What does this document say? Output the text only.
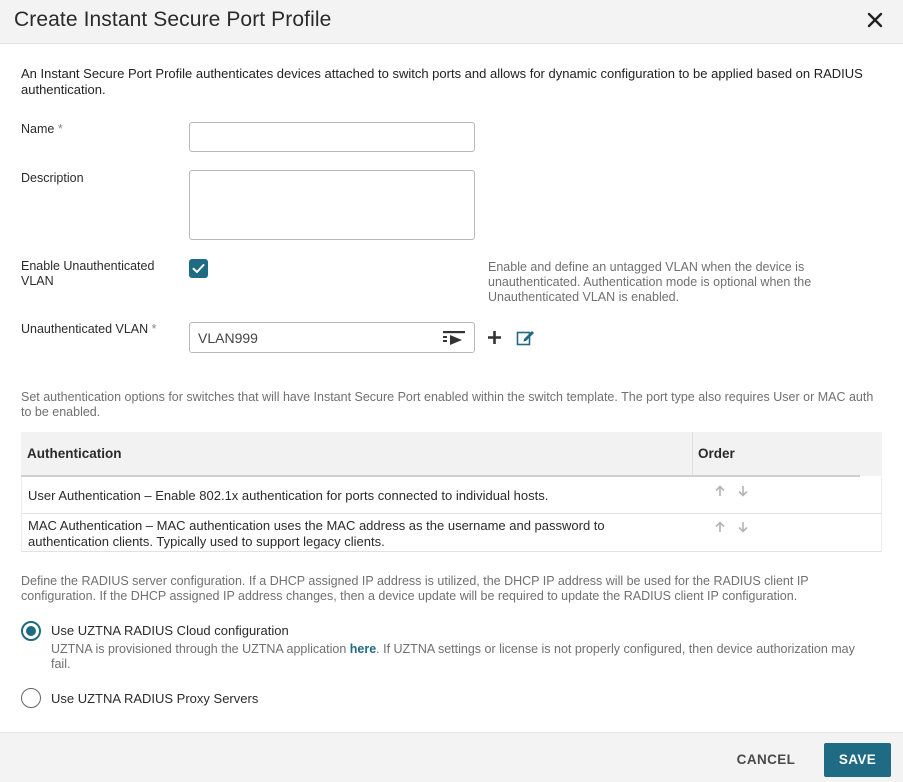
Create Instant Secure Port Profile
An Instant Secure Port Profile authenticates devices attached to switch ports and allows for dynamic configuration to be applied based on RADIUS authentication.
Name *
Description
Enable Unauthenticated VLAN
Enable and define an untagged VLAN when the device is unauthenticated. Authentication mode is optional when the Unauthenticated VLAN is enabled.
Unauthenticated VLAN *
VLAN999
Set authentication options for switches that will have Instant Secure Port enabled within the switch template. The port type also requires User or MAC auth to be enabled.
Authentication	Order
User Authentication – Enable 802.1x authentication for ports connected to individual hosts.
MAC Authentication – MAC authentication uses the MAC address as the username and password to authentication clients. Typically used to support legacy clients.
Define the RADIUS server configuration. If a DHCP assigned IP address is utilized, the DHCP IP address will be used for the RADIUS client IP configuration. If the DHCP assigned IP address changes, then a device update will be required to update the RADIUS client IP configuration.
Use UZTNA RADIUS Cloud configuration
UZTNA is provisioned through the UZTNA application here. If UZTNA settings or license is not properly configured, then device authorization may fail.
Use UZTNA RADIUS Proxy Servers
CANCEL	SAVE
